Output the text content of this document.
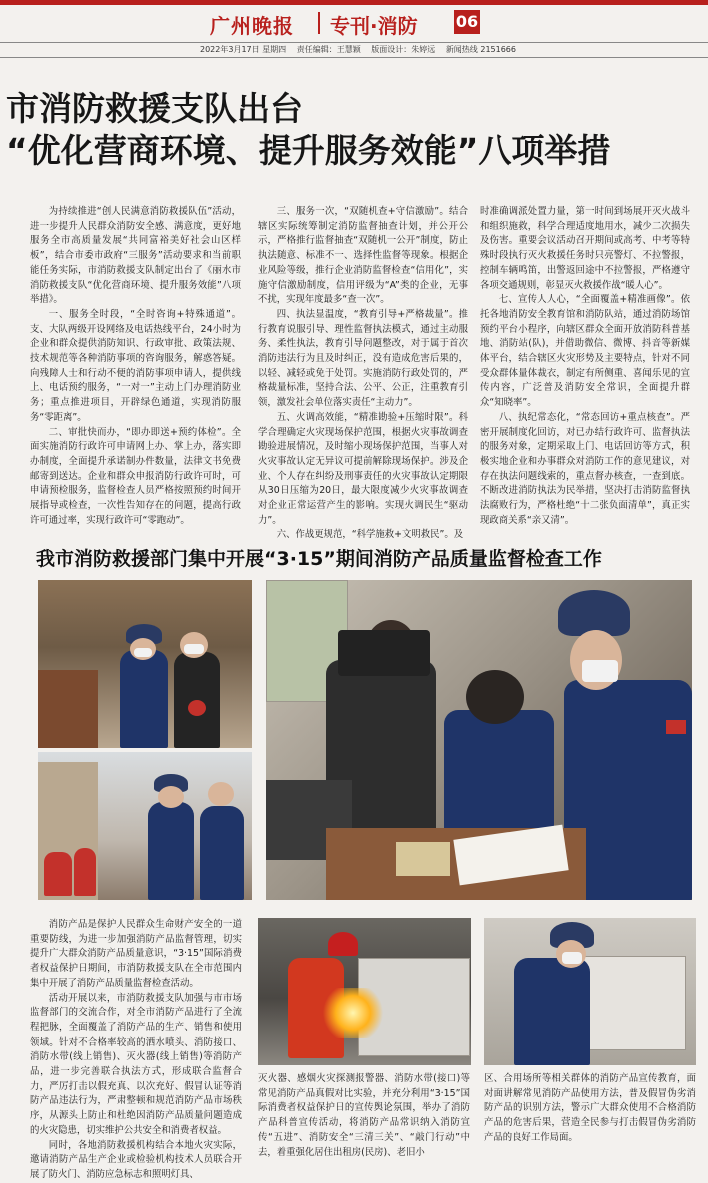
广州晚报 专刊·消防 06
2022年3月17日 星期四 责任编辑：王慧颖 版面设计：朱婷远 新闻热线 2151666
市消防救援支队出台
“优化营商环境、提升服务效能”八项举措

为持续推进“创人民满意消防救援队伍”活动，进一步提升人民群众消防安全感、满意度，更好地服务全市高质量发展“共同富裕美好社会山区样板”，结合市委市政府“三服务”活动要求和当前职能任务实际，市消防救援支队制定出台了《丽水市消防救援支队“优化营商环境、提升服务效能”八项举措》。

一、服务全时段，“全时咨询+特殊通道”。支、大队两级开设网络及电话热线平台，24小时为企业和群众提供消防知识、行政审批、政策法规、技术规范等各种消防事项的咨询服务，解惑答疑。向残障人士和行动不便的消防事项申请人，提供线上、电话预约服务，“一对一”主动上门办理消防业务；重点推进项目，开辟绿色通道，实现消防服务“零距离”。

二、审批快而办，“即办即送+预约体检”。全面实施消防行政许可申请网上办、掌上办，落实即办制度，全面提升承诺制办件数量，法律文书免费邮寄到送达。企业和群众申报消防行政许可时，可申请预检服务，监督检查人员严格按照预约时间开展指导或检查，一次性告知存在的问题，提高行政许可通过率，实现行政许可“零跑动”。

三、服务一次，“双随机查+守信激励”。结合辖区实际统筹制定消防监督抽查计划，并公开公示，严格推行监督抽查“双随机一公开”制度，防止执法随意、标准不一、选择性监督等现象。根据企业风险等级，推行企业消防监督检查“信用化”，实施守信激励制度，信用评级为“A”类的企业，无事不扰，实现年度最多“查一次”。

四、执法显温度，“教育引导+严格裁量”。推行教育说服引导、理性监督执法模式，通过主动服务、柔性执法，教育引导问题整改，对于属于首次消防违法行为且及时纠正，没有造成危害后果的，以轻、减轻或免于处罚。实施消防行政处罚的，严格裁量标准，坚持合法、公平、公正，注重教育引领，激发社会单位落实责任“主动力”。

五、火调高效能，“精准勘验+压缩时限”。科学合理确定火灾现场保护范围，根据火灾事故调查勘验进展情况，及时缩小现场保护范围，当事人对火灾事故认定无异议可提前解除现场保护。涉及企业、个人存在纠纷及刑事责任的火灾事故认定期限从30日压缩为20日，最大限度减少火灾事故调查对企业正常运营产生的影响。实现火调民生“驱动力”。

六、作战更规范，“科学施救+文明救民”。及

时准确调派处置力量，第一时间到场展开灭火战斗和组织施救，科学合理适度地用水，减少二次损失及伤害。重要会议活动召开期间或高考、中考等特殊时段执行灭火救援任务时只亮警灯、不拉警报，控制车辆鸣笛，出警返回途中不拉警报，严格遵守各项交通规则，彰显灭火救援作战“暖人心”。

七、宣传人人心，“全面覆盖+精准画像”。依托各地消防安全教育馆和消防队站，通过消防场馆预约平台小程序，向辖区群众全面开放消防科普基地、消防站(队)，并借助微信、微博、抖音等新媒体平台，结合辖区火灾形势及主要特点，针对不同受众群体量体裁衣，制定有所侧重、喜闻乐见的宣传内容，广泛普及消防安全常识，全面提升群众“知晓率”。

八、执纪常态化，“常态回访+重点核查”。严密开展制度化回访，对已办结行政许可、监督执法的服务对象，定期采取上门、电话回访等方式，积极实地企业和办事群众对消防工作的意见建议，对存在执法问题线索的，重点督办核查，一查到底。不断改进消防执法为民举措，坚决打击消防监督执法腐败行为，严格杜绝“十二张负面清单”，真正实现政商关系“亲又清”。

我市消防救援部门集中开展“3·15”期间消防产品质量监督检查工作

消防产品是保护人民群众生命财产安全的一道重要防线，为进一步加强消防产品监督管理，切实提升广大群众消防产品质量意识，“3·15”国际消费者权益保护日期间，市消防救援支队在全市范围内集中开展了消防产品质量监督检查活动。

活动开展以来，市消防救援支队加强与市市场监督部门的交流合作，对全市消防产品进行了全流程把脉，全面覆盖了消防产品的生产、销售和使用领域。针对不合格率较高的洒水喷头、消防接口、消防水带(线上销售)、灭火器(线上销售)等消防产品，进一步完善联合执法方式，形成联合监督合力，严厉打击以假充真、以次充好、假冒认证等消防产品违法行为，严肃整顿和规范消防产品市场秩序，从源头上防止和杜绝因消防产品质量问题造成的火灾隐患，切实维护公共安全和消费者权益。

同时，各地消防救援机构结合本地火灾实际，邀请消防产品生产企业或检验机构技术人员联合开展了防火门、消防应急标志和照明灯具、

灭火器、感烟火灾探测报警器、消防水带(接口)等常见消防产品真假对比实验，并充分利用“3·15”国际消费者权益保护日的宣传舆论氛围，举办了消防产品科普宣传活动，将消防产品常识纳入消防宣传“五进”、消防安全“三清三关”、“敲门行动”中去，着重强化居住出租房(民房)、老旧小

区、合用场所等相关群体的消防产品宣传教育，面对面讲解常见消防产品使用方法，普及假冒伪劣消防产品的识别方法，警示广大群众使用不合格消防产品的危害后果，营造全民参与打击假冒伪劣消防产品的良好工作局面。
